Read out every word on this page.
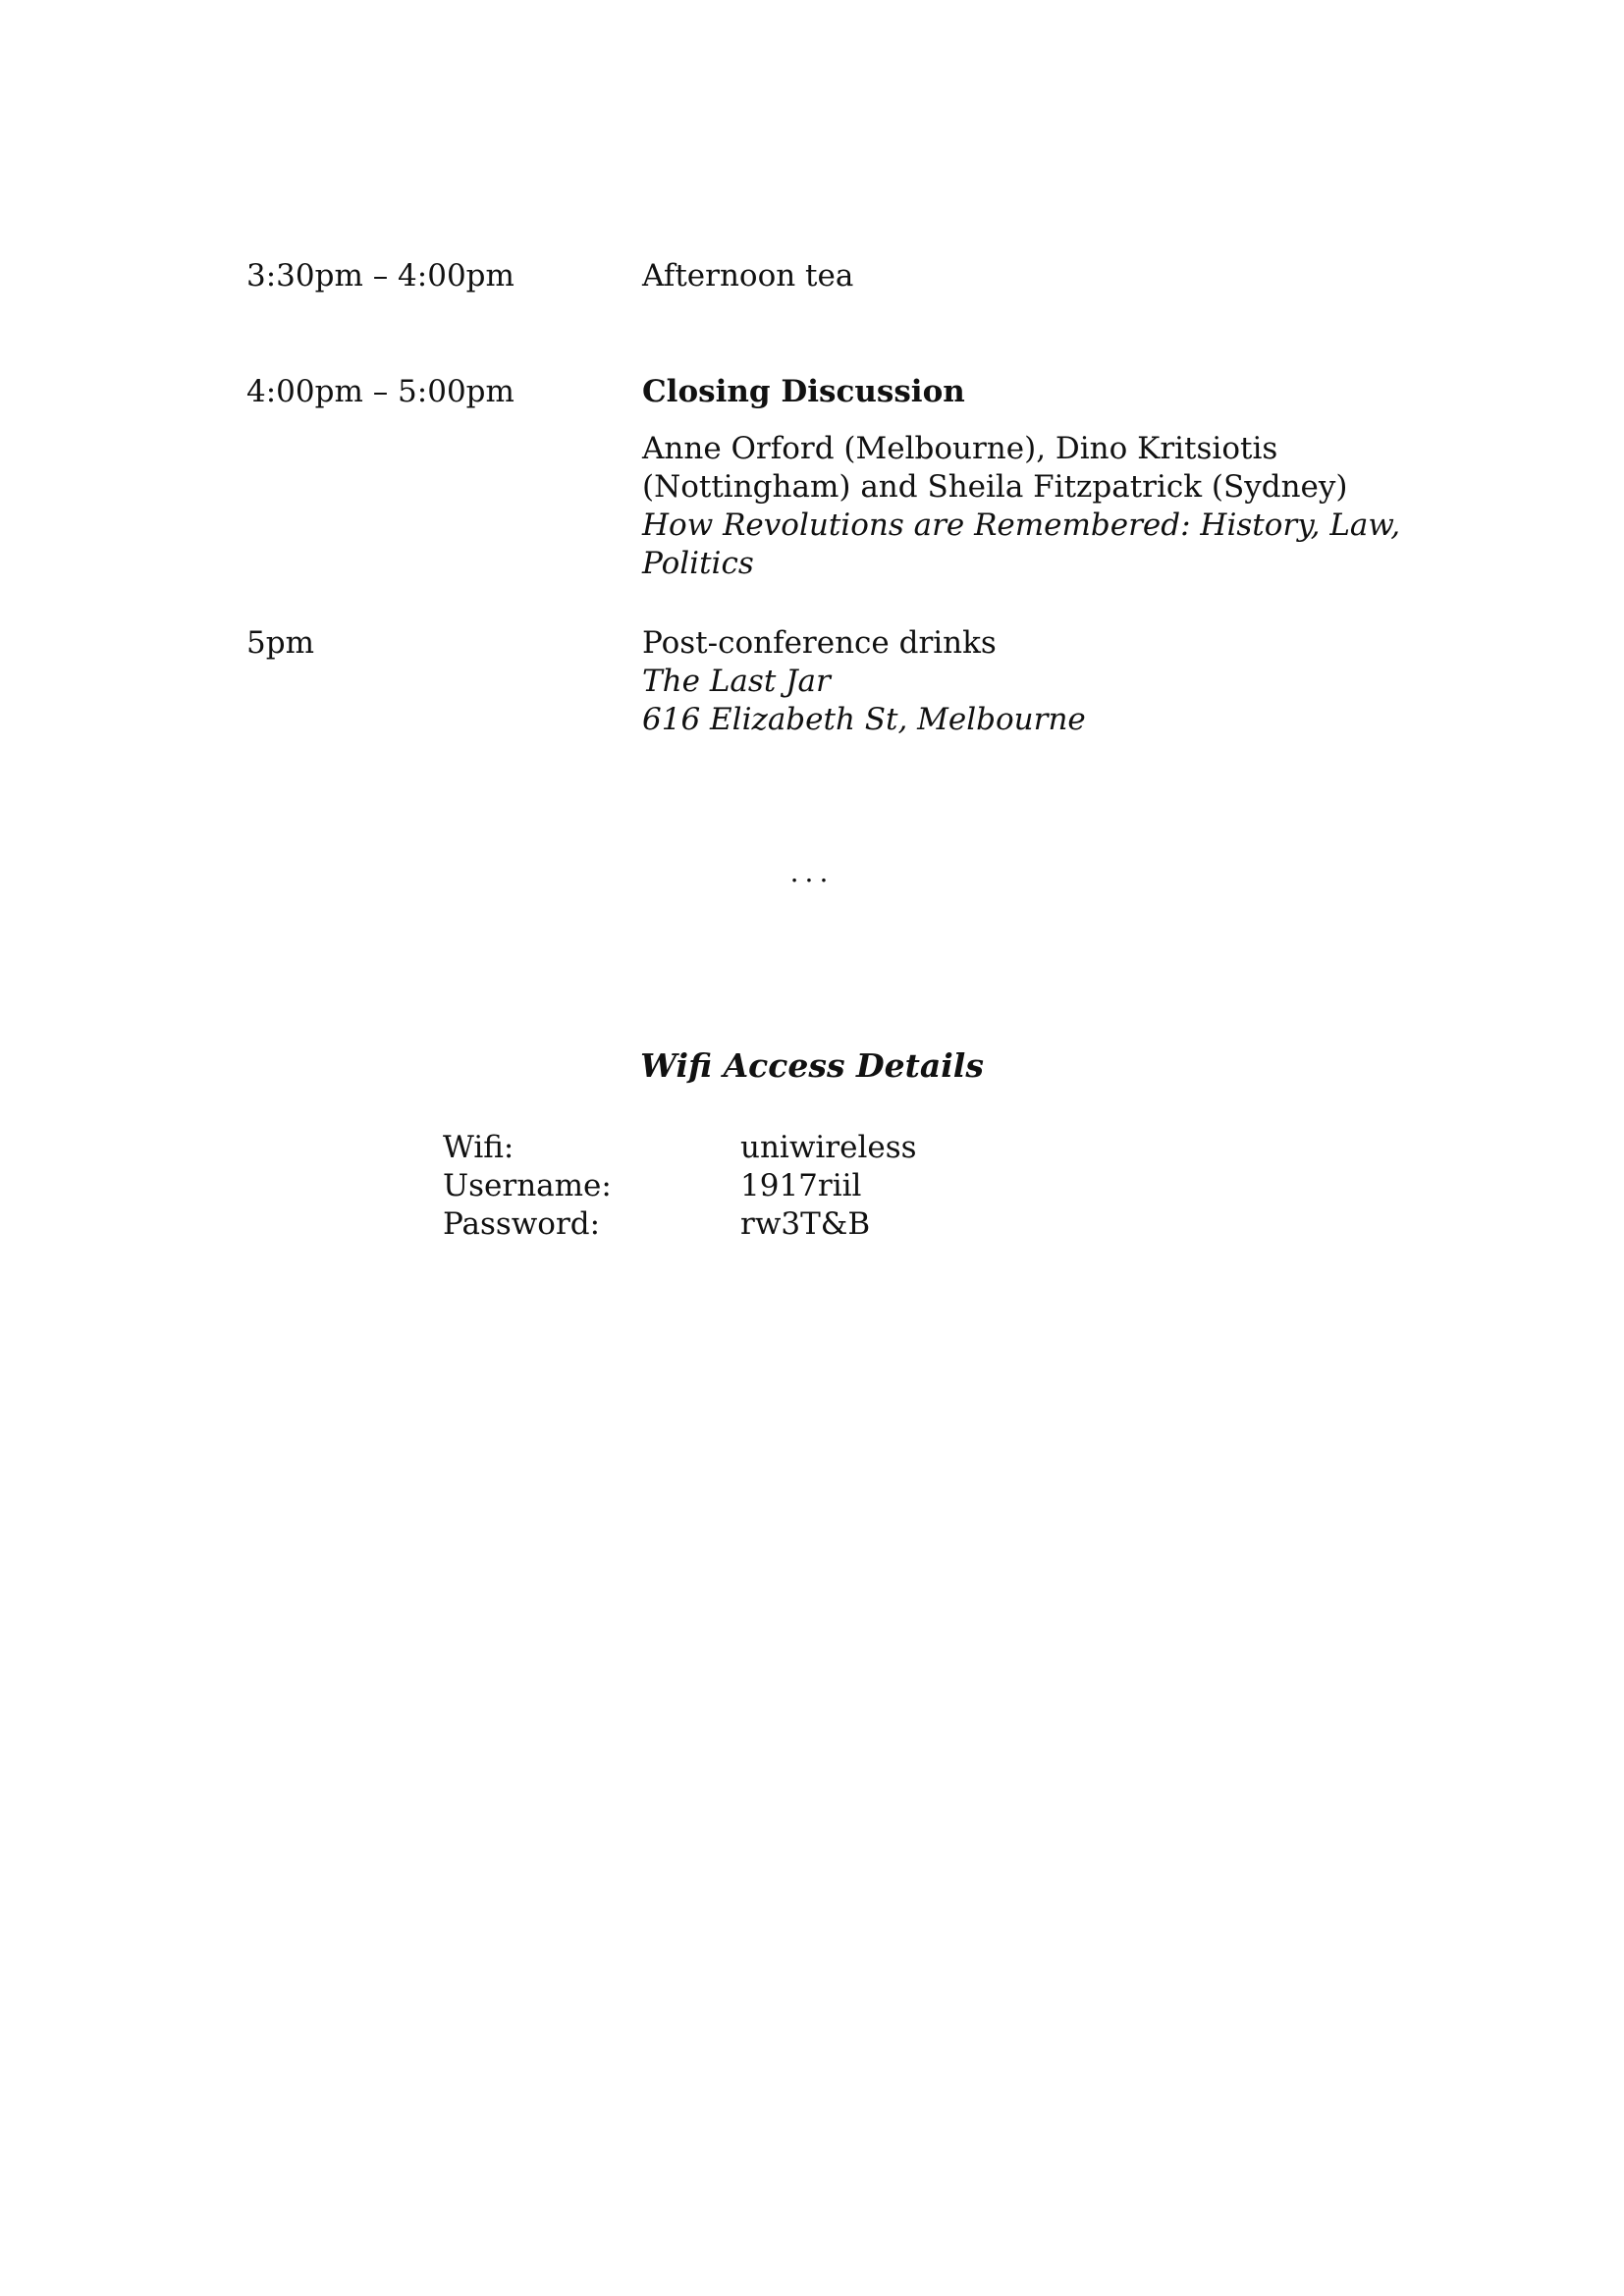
3:30pm – 4:00pm	Afternoon tea
4:00pm – 5:00pm	Closing Discussion
Anne Orford (Melbourne), Dino Kritsiotis
(Nottingham) and Sheila Fitzpatrick (Sydney)
How Revolutions are Remembered: History, Law,
Politics
5pm	Post-conference drinks
The Last Jar
616 Elizabeth St, Melbourne
...
Wifi Access Details
Wifi:	uniwireless
Username:	1917riil
Password:	rw3T&B
